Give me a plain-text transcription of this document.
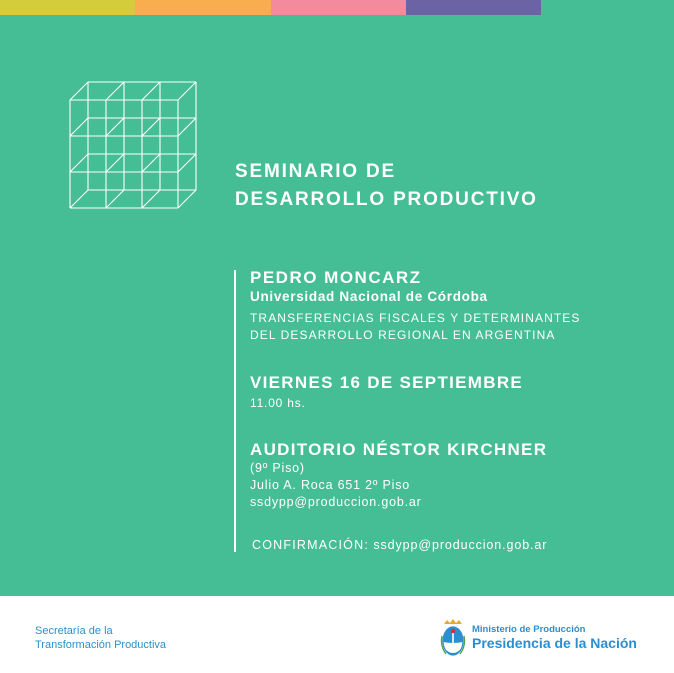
SEMINARIO DE
DESARROLLO PRODUCTIVO
PEDRO MONCARZ
Universidad Nacional de Córdoba
TRANSFERENCIAS FISCALES Y DETERMINANTES
DEL DESARROLLO REGIONAL EN ARGENTINA
VIERNES 16 DE SEPTIEMBRE
11.00 hs.
AUDITORIO NÉSTOR KIRCHNER
(9º Piso)
Julio A. Roca 651 2º Piso
ssdypp@produccion.gob.ar
CONFIRMACIÓN: ssdypp@produccion.gob.ar
Secretaría de la
Transformación Productiva
Ministerio de Producción
Presidencia de la Nación
